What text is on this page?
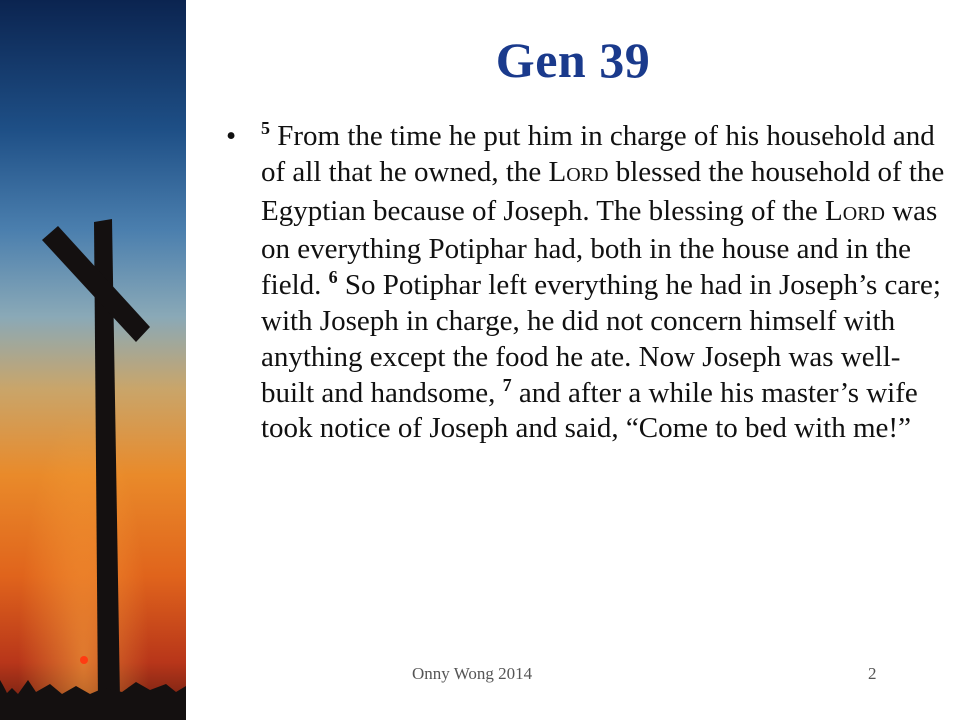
Gen 39
• $^5$ From the time he put him in charge of his household and of all that he owned, the LORD blessed the household of the Egyptian because of Joseph. The blessing of the LORD was on everything Potiphar had, both in the house and in the field. $^6$ So Potiphar left everything he had in Joseph’s care; with Joseph in charge, he did not concern himself with anything except the food he ate. Now Joseph was well-built and handsome, $^7$ and after a while his master’s wife took notice of Joseph and said, “Come to bed with me!”
Onny Wong 2014	2
